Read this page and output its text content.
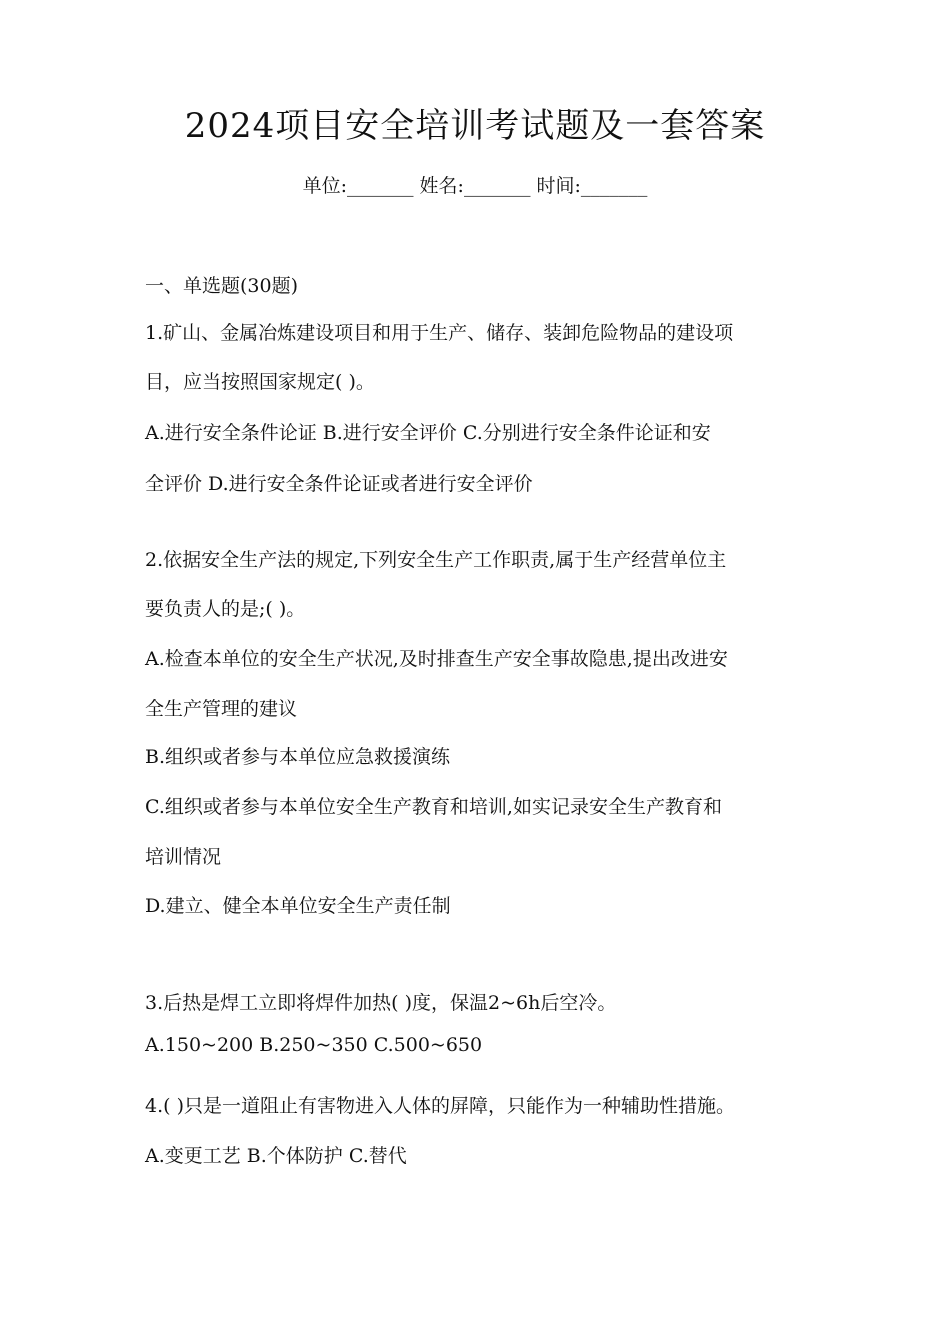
2024项目安全培训考试题及一套答案
单位:_______ 姓名:_______ 时间:_______
一、单选题(30题)
1.矿山、金属冶炼建设项目和用于生产、储存、装卸危险物品的建设项
目，应当按照国家规定( )。
A.进行安全条件论证 B.进行安全评价 C.分别进行安全条件论证和安
全评价 D.进行安全条件论证或者进行安全评价
2.依据安全生产法的规定,下列安全生产工作职责,属于生产经营单位主
要负责人的是;( )。
A.检查本单位的安全生产状况,及时排查生产安全事故隐患,提出改进安
全生产管理的建议
B.组织或者参与本单位应急救援演练
C.组织或者参与本单位安全生产教育和培训,如实记录安全生产教育和
培训情况
D.建立、健全本单位安全生产责任制
3.后热是焊工立即将焊件加热( )度，保温2~6h后空冷。
A.150~200 B.250~350 C.500~650
4.( )只是一道阻止有害物进入人体的屏障，只能作为一种辅助性措施。
A.变更工艺 B.个体防护 C.替代
